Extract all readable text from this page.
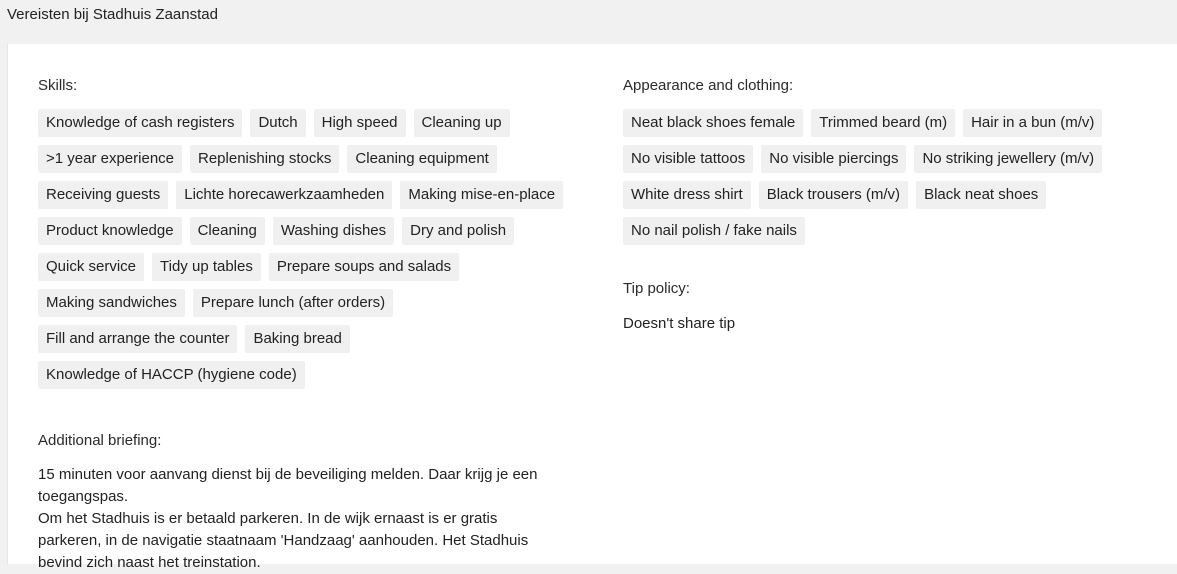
Vereisten bij Stadhuis Zaanstad

Skills:

Knowledge of cash registers	Dutch	High speed	Cleaning up
>1 year experience	Replenishing stocks	Cleaning equipment
Receiving guests	Lichte horecawerkzaamheden	Making mise-en-place
Product knowledge	Cleaning	Washing dishes	Dry and polish
Quick service	Tidy up tables	Prepare soups and salads
Making sandwiches	Prepare lunch (after orders)
Fill and arrange the counter	Baking bread
Knowledge of HACCP (hygiene code)

Additional briefing:

15 minuten voor aanvang dienst bij de beveiliging melden. Daar krijg je een toegangspas.

Om het Stadhuis is er betaald parkeren. In de wijk ernaast is er gratis parkeren, in de navigatie staatnaam 'Handzaag' aanhouden. Het Stadhuis bevind zich naast het treinstation.

Appearance and clothing:

Neat black shoes female	Trimmed beard (m)	Hair in a bun (m/v)
No visible tattoos	No visible piercings	No striking jewellery (m/v)
White dress shirt	Black trousers (m/v)	Black neat shoes
No nail polish / fake nails

Tip policy:

Doesn't share tip
